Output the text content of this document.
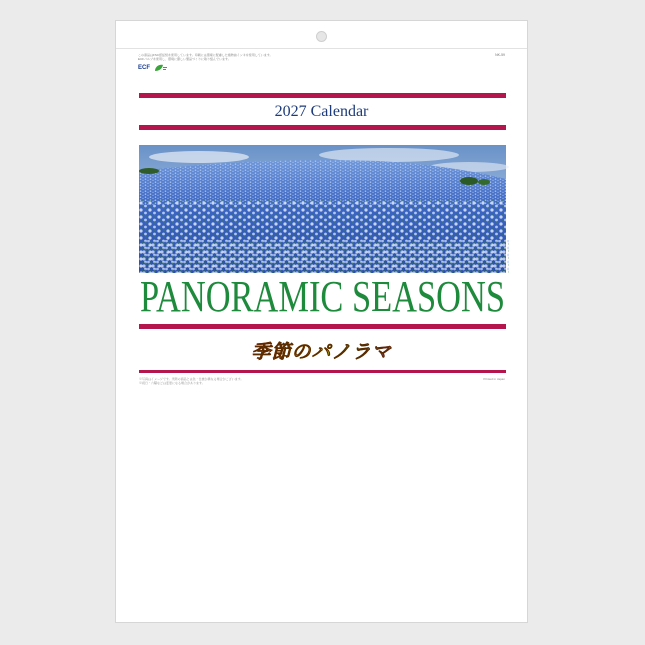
この商品はFSC認証紙を使用しています。印刷には環境に配慮した植物油インキを使用しています。
ECFパルプを使用し、環境に優しい製品づくりに取り組んでいます。
ECF
NK-59
2027 Calendar
PANORAMIC SEASONS
季節のパノラマ
※写真はイメージです。実際の商品とは色・仕様が異なる場合がございます。
※祝日・六曜などは変更になる場合があります。
Printed in Japan
